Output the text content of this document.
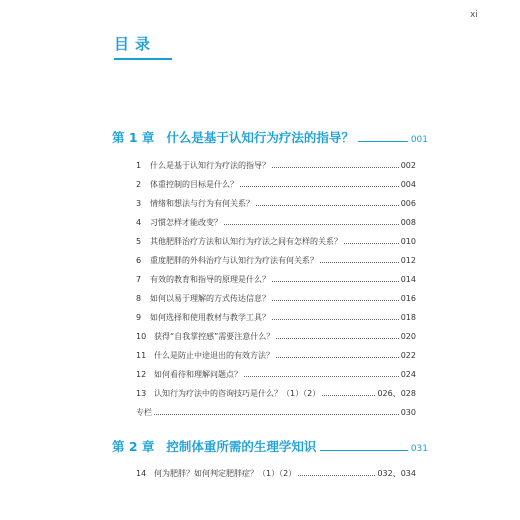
xi
目录
第 1 章 什么是基于认知行为疗法的指导？	001
1	什么是基于认知行为疗法的指导？	002
2	体重控制的目标是什么？	004
3	情绪和想法与行为有何关系？	006
4	习惯怎样才能改变？	008
5	其他肥胖治疗方法和认知行为疗法之间有怎样的关系？	010
6	重度肥胖的外科治疗与认知行为疗法有何关系？	012
7	有效的教育和指导的原理是什么？	014
8	如何以易于理解的方式传达信息？	016
9	如何选择和使用教材与教学工具？	018
10 获得“自我掌控感”需要注意什么？	020
11 什么是防止中途退出的有效方法？	022
12 如何看待和理解问题点？	024
13 认知行为疗法中的咨询技巧是什么？（1）（2）	026、028
专栏	030
第 2 章 控制体重所需的生理学知识	031
14 何为肥胖？如何判定肥胖症？（1）（2）	032、034
